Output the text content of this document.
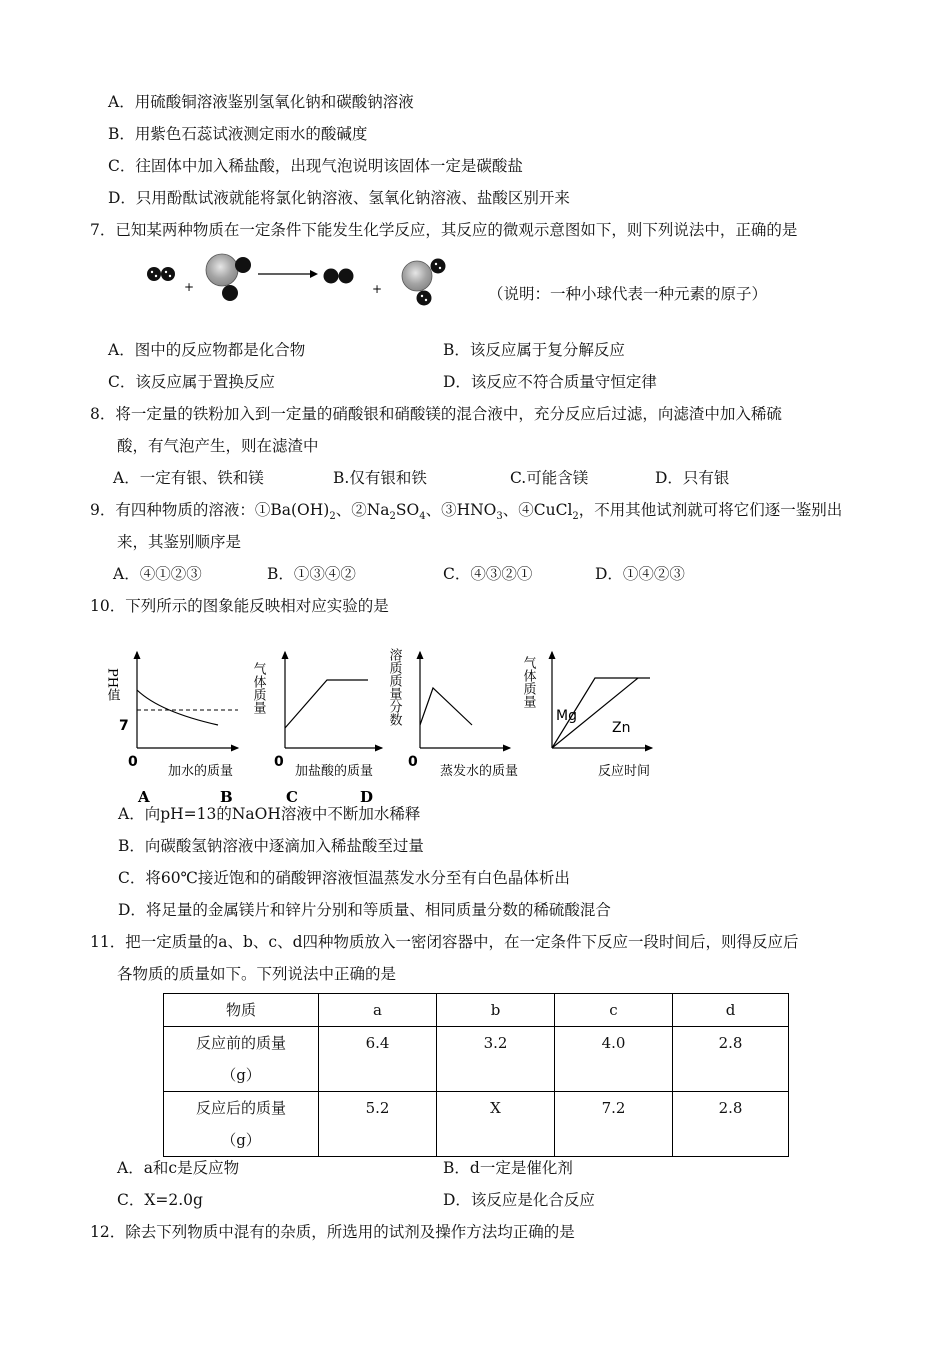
A．用硫酸铜溶液鉴别氢氧化钠和碳酸钠溶液
B．用紫色石蕊试液测定雨水的酸碱度
C．往固体中加入稀盐酸，出现气泡说明该固体一定是碳酸盐
D．只用酚酞试液就能将氯化钠溶液、氢氧化钠溶液、盐酸区别开来
7．已知某两种物质在一定条件下能发生化学反应，其反应的微观示意图如下，则下列说法中，正确的是
+	+	（说明：一种小球代表一种元素的原子）
A．图中的反应物都是化合物	B．该反应属于复分解反应
C．该反应属于置换反应	D．该反应不符合质量守恒定律
8．将一定量的铁粉加入到一定量的硝酸银和硝酸镁的混合液中，充分反应后过滤，向滤渣中加入稀硫
酸，有气泡产生，则在滤渣中
A．一定有银、铁和镁	B.仅有银和铁	C.可能含镁	D．只有银
9．有四种物质的溶液：$①Ba(OH)_2$、$②Na_2SO_4$、$③HNO_3$、④CuCl$_2$，不用其他试剂就可将它们逐一鉴别出
来，其鉴别顺序是
A．④①②③	B．①③④②	C．④③②①	D．①④②③
10．下列所示的图象能反映相对应实验的是
PH值
7
0
加水的质量
A
气体质量
0
加盐酸的质量
B
溶质质量分数
0
蒸发水的质量
C
气体质量
Mg
Zn
反应时间
D
A．向pH=13的NaOH溶液中不断加水稀释
B．向碳酸氢钠溶液中逐滴加入稀盐酸至过量
C．将60℃接近饱和的硝酸钾溶液恒温蒸发水分至有白色晶体析出
D．将足量的金属镁片和锌片分别和等质量、相同质量分数的稀硫酸混合
11．把一定质量的a、b、c、d四种物质放入一密闭容器中，在一定条件下反应一段时间后，则得反应后
各物质的质量如下。下列说法中正确的是
物质	a	b	c	d

反应前的质量
（g）	6.4	3.2	4.0	2.8

反应后的质量
（g）	5.2	X	7.2	2.8
A．a和c是反应物	B．d一定是催化剂
C．X=2.0g	D．该反应是化合反应
12．除去下列物质中混有的杂质，所选用的试剂及操作方法均正确的是
